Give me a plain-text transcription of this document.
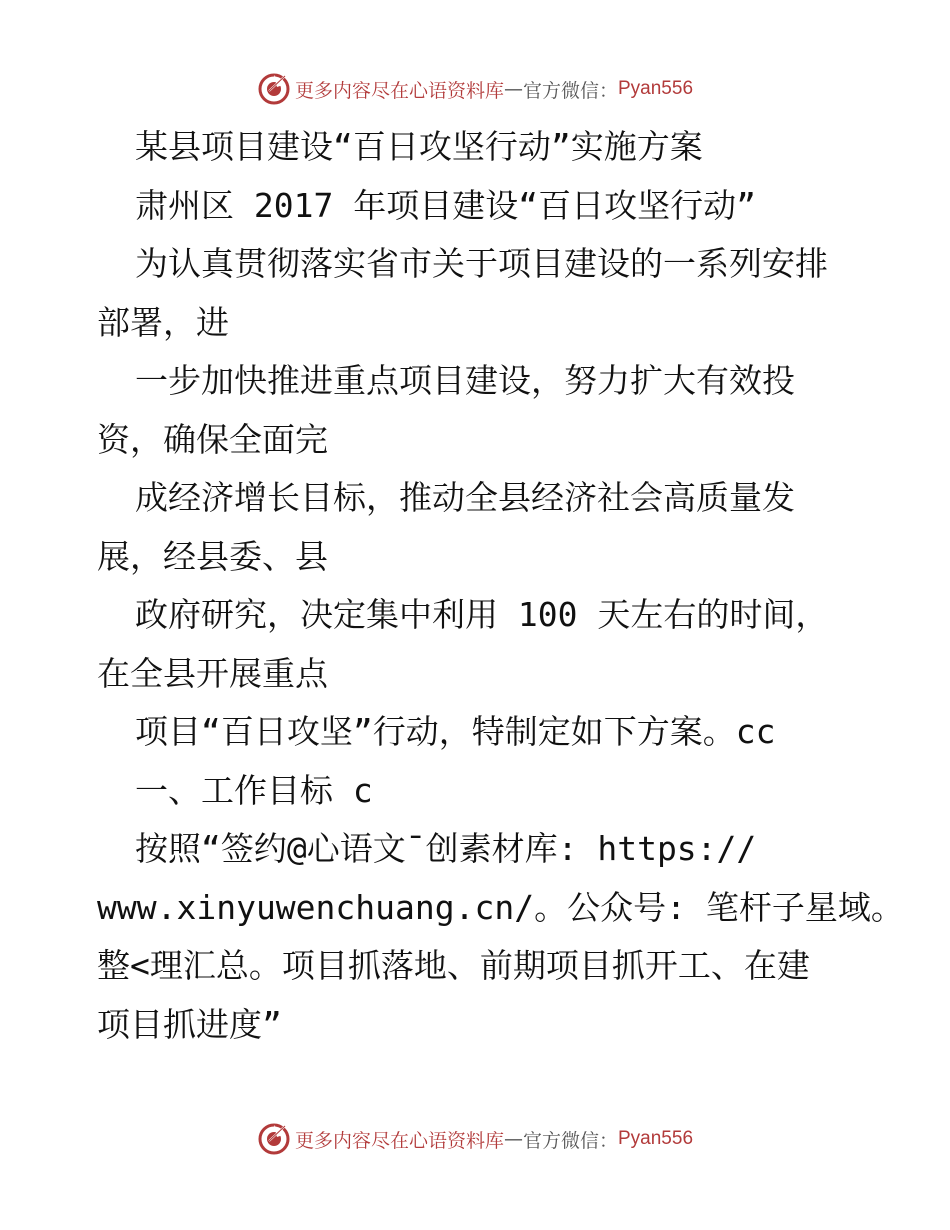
更多内容尽在心语资料库 — 官方微信： Pyan556
某县项目建设“百日攻坚行动”实施方案
肃州区 2017 年项目建设“百日攻坚行动”
为认真贯彻落实省市关于项目建设的一系列安排
部署，进
一步加快推进重点项目建设，努力扩大有效投
资，确保全面完
成经济增长目标，推动全县经济社会高质量发
展，经县委、县
政府研究，决定集中利用 100 天左右的时间，
在全县开展重点
项目“百日攻坚”行动，特制定如下方案。cc
一、工作目标 c
按照“签约@心语文¯创素材库: https://
www.xinyuwenchuang.cn/。公众号: 笔杆子星域。
整<理汇总。项目抓落地、前期项目抓开工、在建
项目抓进度”
更多内容尽在心语资料库 — 官方微信： Pyan556
